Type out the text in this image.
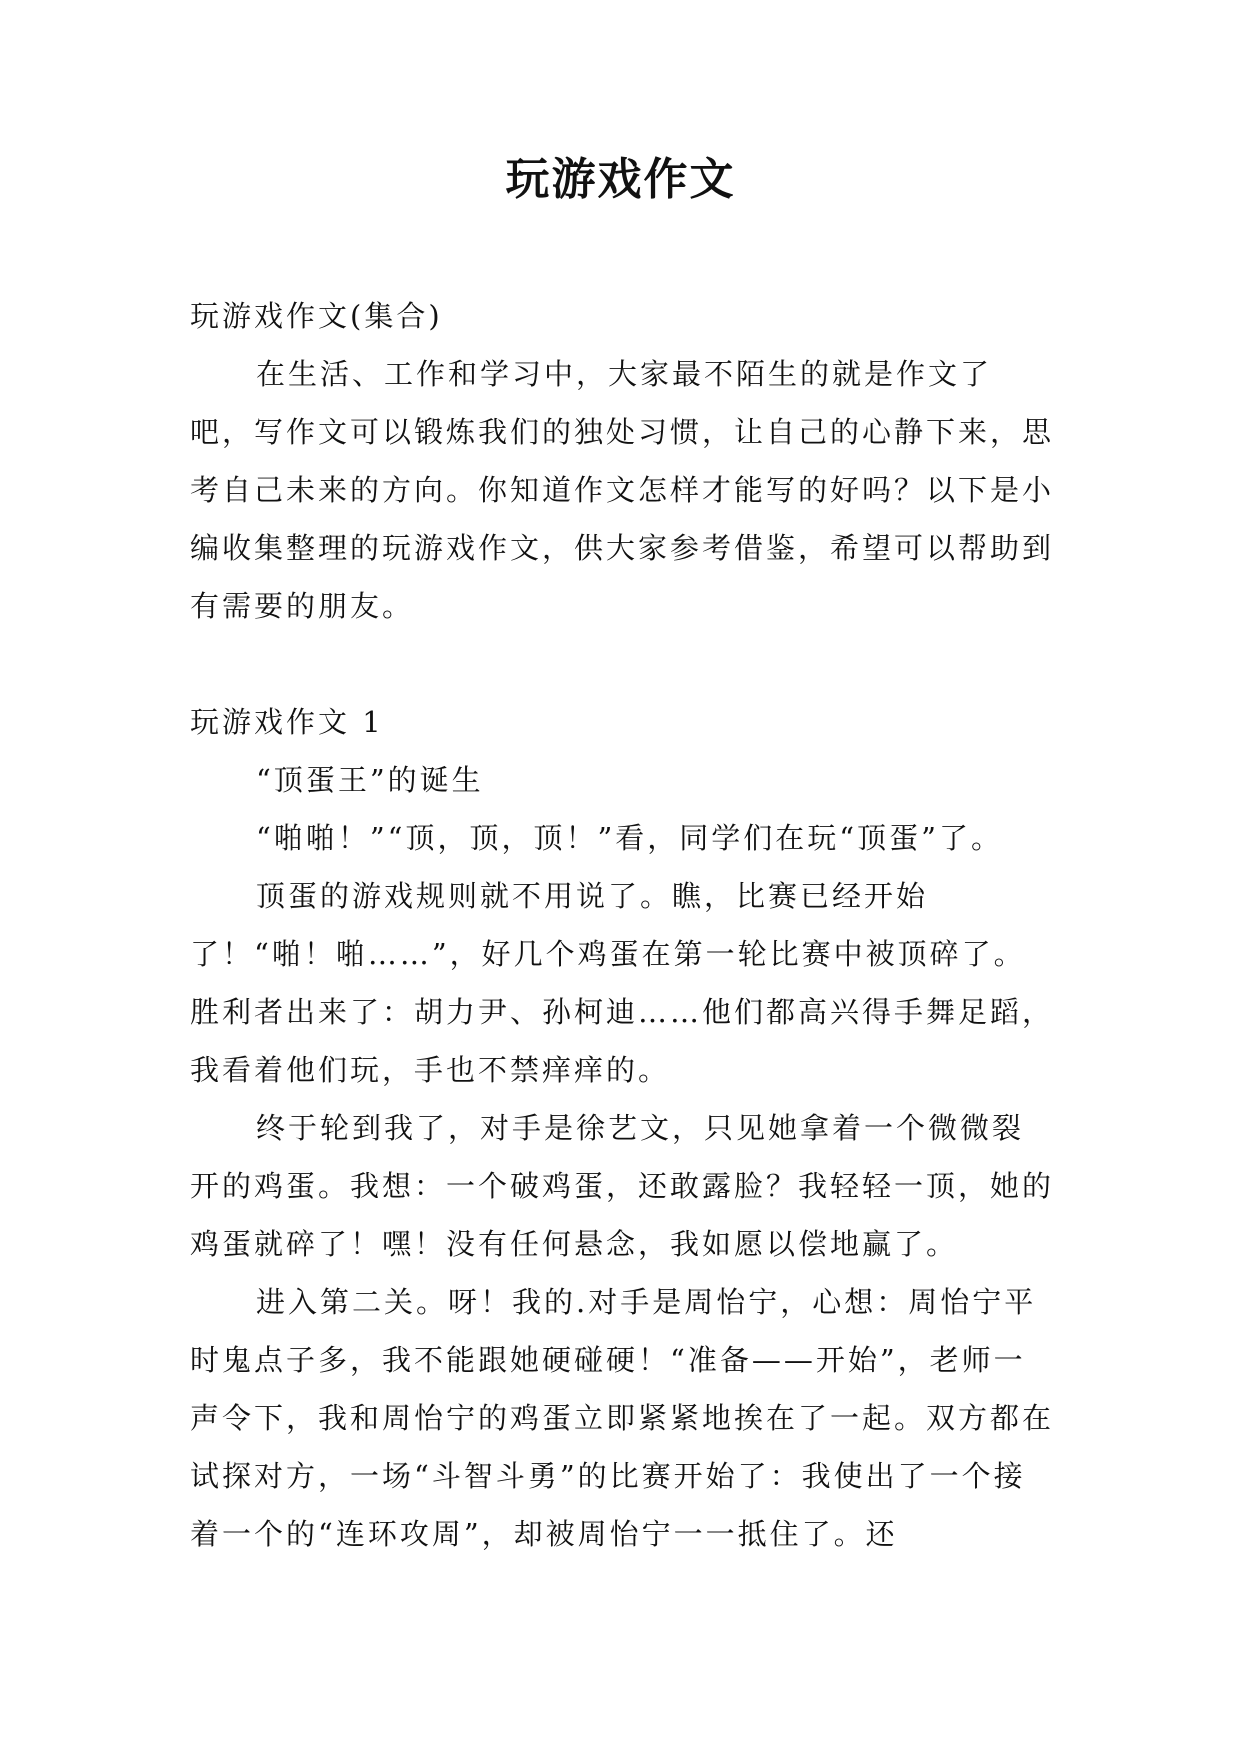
玩游戏作文

玩游戏作文(集合)

在生活、工作和学习中，大家最不陌生的就是作文了吧，写作文可以锻炼我们的独处习惯，让自己的心静下来，思考自己未来的方向。你知道作文怎样才能写的好吗？以下是小编收集整理的玩游戏作文，供大家参考借鉴，希望可以帮助到有需要的朋友。

玩游戏作文 1

“顶蛋王”的诞生

“啪啪！”“顶，顶，顶！”看，同学们在玩“顶蛋”了。

顶蛋的游戏规则就不用说了。瞧，比赛已经开始了！“啪！啪……”，好几个鸡蛋在第一轮比赛中被顶碎了。胜利者出来了：胡力尹、孙柯迪……他们都高兴得手舞足蹈，我看着他们玩，手也不禁痒痒的。

终于轮到我了，对手是徐艺文，只见她拿着一个微微裂开的鸡蛋。我想：一个破鸡蛋，还敢露脸？我轻轻一顶，她的鸡蛋就碎了！嘿！没有任何悬念，我如愿以偿地赢了。

进入第二关。呀！我的.对手是周怡宁，心想：周怡宁平时鬼点子多，我不能跟她硬碰硬！“准备——开始”，老师一声令下，我和周怡宁的鸡蛋立即紧紧地挨在了一起。双方都在试探对方，一场“斗智斗勇”的比赛开始了：我使出了一个接着一个的“连环攻周”，却被周怡宁一一抵住了。还
